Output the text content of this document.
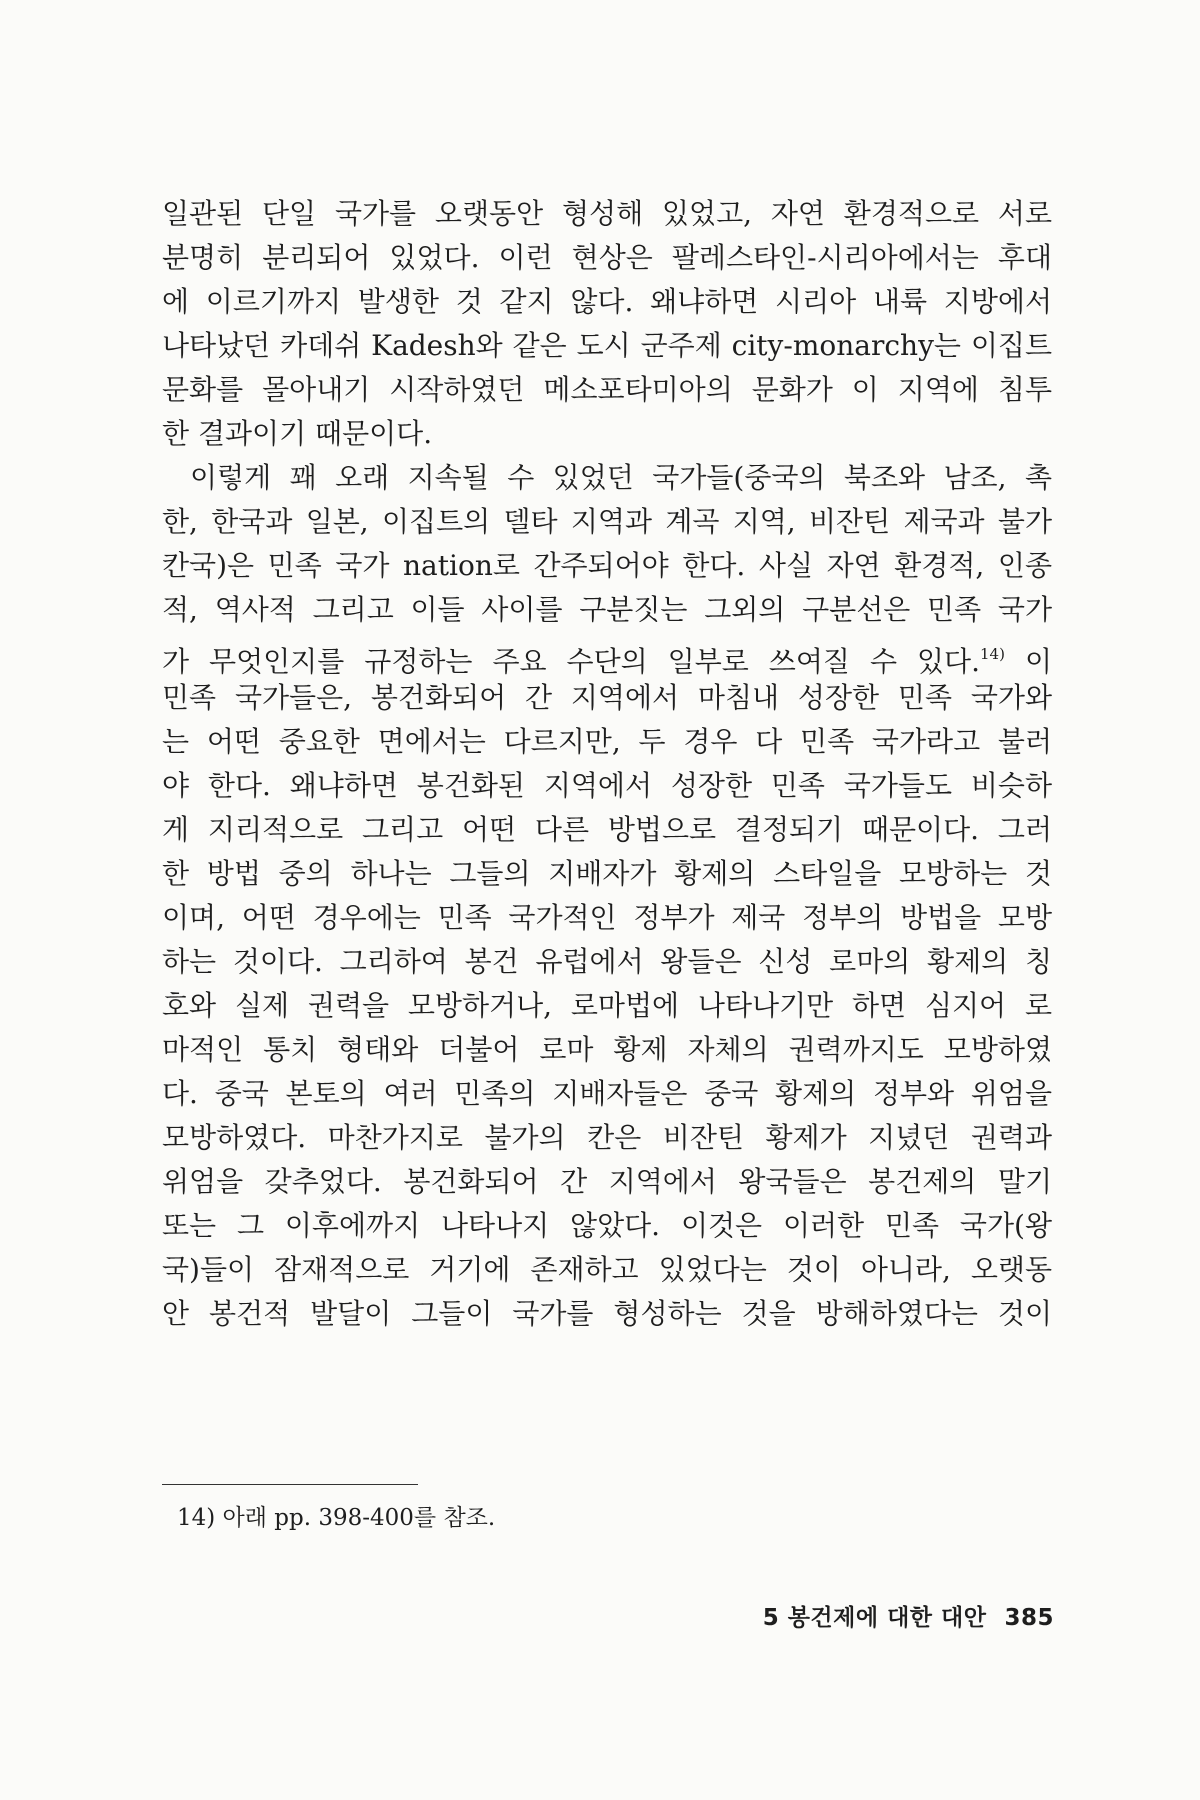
일관된 단일 국가를 오랫동안 형성해 있었고, 자연 환경적으로 서로
분명히 분리되어 있었다. 이런 현상은 팔레스타인-시리아에서는 후대
에 이르기까지 발생한 것 같지 않다. 왜냐하면 시리아 내륙 지방에서
나타났던 카데쉬 Kadesh와 같은 도시 군주제 city-monarchy는 이집트
문화를 몰아내기 시작하였던 메소포타미아의 문화가 이 지역에 침투
한 결과이기 때문이다.
이렇게 꽤 오래 지속될 수 있었던 국가들(중국의 북조와 남조, 촉
한, 한국과 일본, 이집트의 델타 지역과 계곡 지역, 비잔틴 제국과 불가
칸국)은 민족 국가 nation로 간주되어야 한다. 사실 자연 환경적, 인종
적, 역사적 그리고 이들 사이를 구분짓는 그외의 구분선은 민족 국가
가 무엇인지를 규정하는 주요 수단의 일부로 쓰여질 수 있다.$^{14)}$ 이
민족 국가들은, 봉건화되어 간 지역에서 마침내 성장한 민족 국가와
는 어떤 중요한 면에서는 다르지만, 두 경우 다 민족 국가라고 불러
야 한다. 왜냐하면 봉건화된 지역에서 성장한 민족 국가들도 비슷하
게 지리적으로 그리고 어떤 다른 방법으로 결정되기 때문이다. 그러
한 방법 중의 하나는 그들의 지배자가 황제의 스타일을 모방하는 것
이며, 어떤 경우에는 민족 국가적인 정부가 제국 정부의 방법을 모방
하는 것이다. 그리하여 봉건 유럽에서 왕들은 신성 로마의 황제의 칭
호와 실제 권력을 모방하거나, 로마법에 나타나기만 하면 심지어 로
마적인 통치 형태와 더불어 로마 황제 자체의 권력까지도 모방하였
다. 중국 본토의 여러 민족의 지배자들은 중국 황제의 정부와 위엄을
모방하였다. 마찬가지로 불가의 칸은 비잔틴 황제가 지녔던 권력과
위엄을 갖추었다. 봉건화되어 간 지역에서 왕국들은 봉건제의 말기
또는 그 이후에까지 나타나지 않았다. 이것은 이러한 민족 국가(왕
국)들이 잠재적으로 거기에 존재하고 있었다는 것이 아니라, 오랫동
안 봉건적 발달이 그들이 국가를 형성하는 것을 방해하였다는 것이
14) 아래 pp. 398-400를 참조.
5 봉건제에 대한 대안 385
